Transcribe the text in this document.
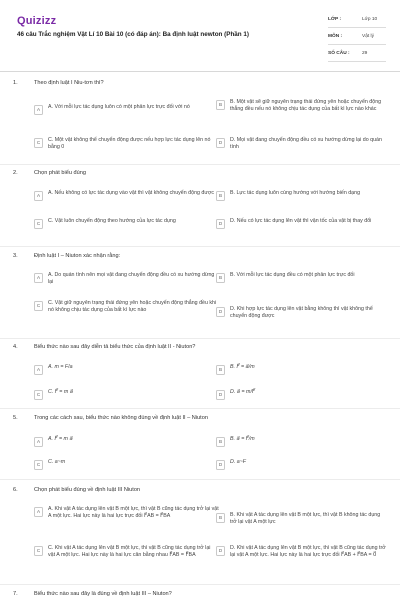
Quizizz
46 câu Trắc nghiệm Vật Lí 10 Bài 10 (có đáp án): Ba định luật newton (Phần 1)
LỚP :	Lớp 10
MÔN :	Vật lý
SỐ CÂU :	29
1.	Theo định luật I Niu-tơn thì?
A	A. Với mỗi lực tác dụng luôn có một phản lực trực đối với nó	B	B. Một vật sẽ giữ nguyên trạng thái đứng yên hoặc chuyển động thẳng đều nếu nó không chịu tác dụng của bất kì lực nào khác
C	C. Một vật không thể chuyển động được nếu hợp lực tác dụng lên nó bằng 0
D	D. Mọi vật đang chuyển động đều có xu hướng dừng lại do quán tính
2.	Chọn phát biểu đúng
A	A. Nếu không có lực tác dụng vào vật thì vật không chuyển động được	B	B. Lực tác dụng luôn cùng hướng với hướng biến dạng
C	C. Vật luôn chuyển động theo hướng của lực tác dụng	D	D. Nếu có lực tác dụng lên vật thì vận tốc của vật bị thay đổi
3.	Định luật I – Niuton xác nhận rằng:
A	A. Do quán tính nên mọi vật đang chuyển động đều có xu hướng dừng lại
B	B. Với mỗi lực tác dụng đều có một phản lực trực đối
C	C. Vật giữ nguyên trạng thái đứng yên hoặc chuyển động thẳng đều khi nó không chịu tác dụng của bất kì lực nào	D	D. Khi hợp lực tác dụng lên vật bằng không thì vật không thể chuyển động được
4.	Biểu thức nào sau đây diễn tả biểu thức của định luật II - Niuton?
A	A. m = F/a	B	B. F⃗ = a⃗/m
C	C. F⃗ = m a⃗	D	D. a⃗ = m/F⃗
5.	Trong các cách sau, biểu thức nào không đúng về định luật II – Niuton
A	A. F⃗ = m a⃗	B	B. a⃗ = F⃗/m
C	C. a~m	D	D. a~F
6.	Chọn phát biểu đúng về định luật III Niuton
A	A. Khi vật A tác dụng lên vật B một lực, thì vật B cũng tác dụng trở lại vật A một lực. Hai lực này là hai lực trực đối F⃗AB = F⃗BA	B	B. Khi vật A tác dụng lên vật B một lực, thì vật B không tác dụng trở lại vật A một lực
C	C. Khi vật A tác dụng lên vật B một lực, thì vật B cũng tác dụng trở lại vật A một lực. Hai lực này là hai lực cân bằng nhau F⃗AB = F⃗BA
D	D. Khi vật A tác dụng lên vật B một lực, thì vật B cũng tác dụng trở lại vật A một lực. Hai lực này là hai lực trực đối F⃗AB + F⃗BA = 0⃗
7.	Biểu thức nào sau đây là đúng về định luật III – Niuton?
